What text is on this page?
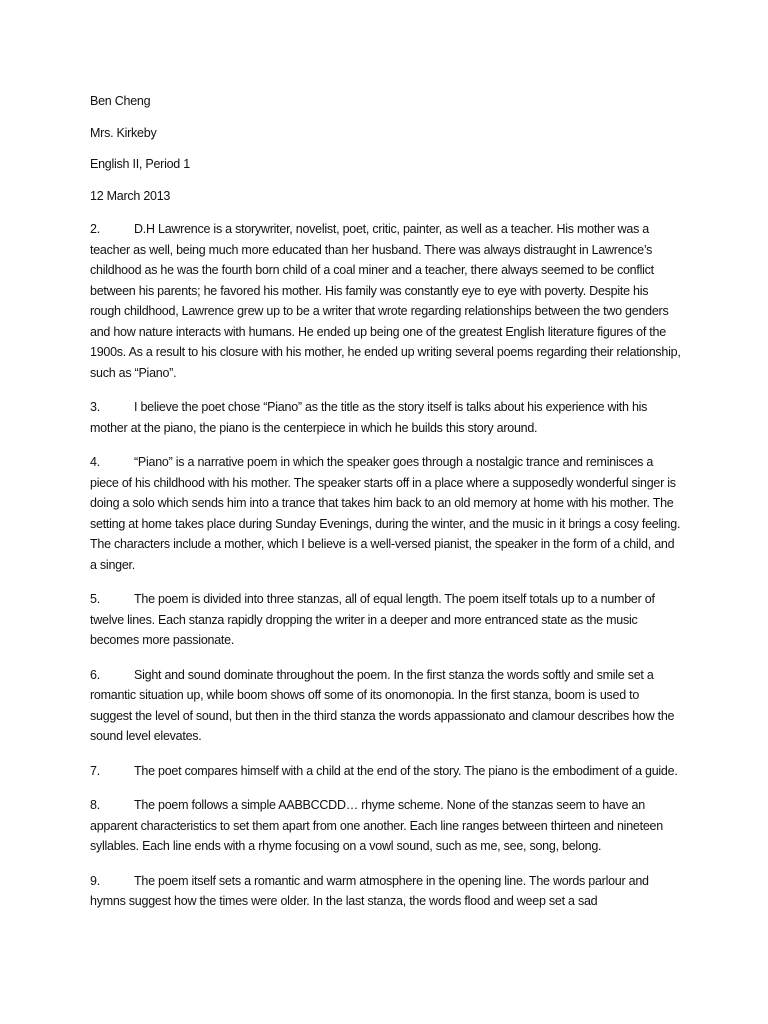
Ben Cheng
Mrs. Kirkeby
English II, Period 1
12 March 2013

2.	D.H Lawrence is a storywriter, novelist, poet, critic, painter, as well as a teacher. His mother was a teacher as well, being much more educated than her husband. There was always distraught in Lawrence’s childhood as he was the fourth born child of a coal miner and a teacher, there always seemed to be conflict between his parents; he favored his mother. His family was constantly eye to eye with poverty. Despite his rough childhood, Lawrence grew up to be a writer that wrote regarding relationships between the two genders and how nature interacts with humans. He ended up being one of the greatest English literature figures of the 1900s. As a result to his closure with his mother, he ended up writing several poems regarding their relationship, such as “Piano”.

3.	I believe the poet chose “Piano” as the title as the story itself is talks about his experience with his mother at the piano, the piano is the centerpiece in which he builds this story around.

4.	“Piano” is a narrative poem in which the speaker goes through a nostalgic trance and reminisces a piece of his childhood with his mother. The speaker starts off in a place where a supposedly wonderful singer is doing a solo which sends him into a trance that takes him back to an old memory at home with his mother. The setting at home takes place during Sunday Evenings, during the winter, and the music in it brings a cosy feeling. The characters include a mother, which I believe is a well-versed pianist, the speaker in the form of a child, and a singer.

5.	The poem is divided into three stanzas, all of equal length. The poem itself totals up to a number of twelve lines. Each stanza rapidly dropping the writer in a deeper and more entranced state as the music becomes more passionate.

6.	Sight and sound dominate throughout the poem. In the first stanza the words softly and smile set a romantic situation up, while boom shows off some of its onomonopia. In the first stanza, boom is used to suggest the level of sound, but then in the third stanza the words appassionato and clamour describes how the sound level elevates.

7.	The poet compares himself with a child at the end of the story. The piano is the embodiment of a guide.

8.	The poem follows a simple AABBCCDD… rhyme scheme. None of the stanzas seem to have an apparent characteristics to set them apart from one another. Each line ranges between thirteen and nineteen syllables. Each line ends with a rhyme focusing on a vowl sound, such as me, see, song, belong.

9.	The poem itself sets a romantic and warm atmosphere in the opening line. The words parlour and hymns suggest how the times were older. In the last stanza, the words flood and weep set a sad
